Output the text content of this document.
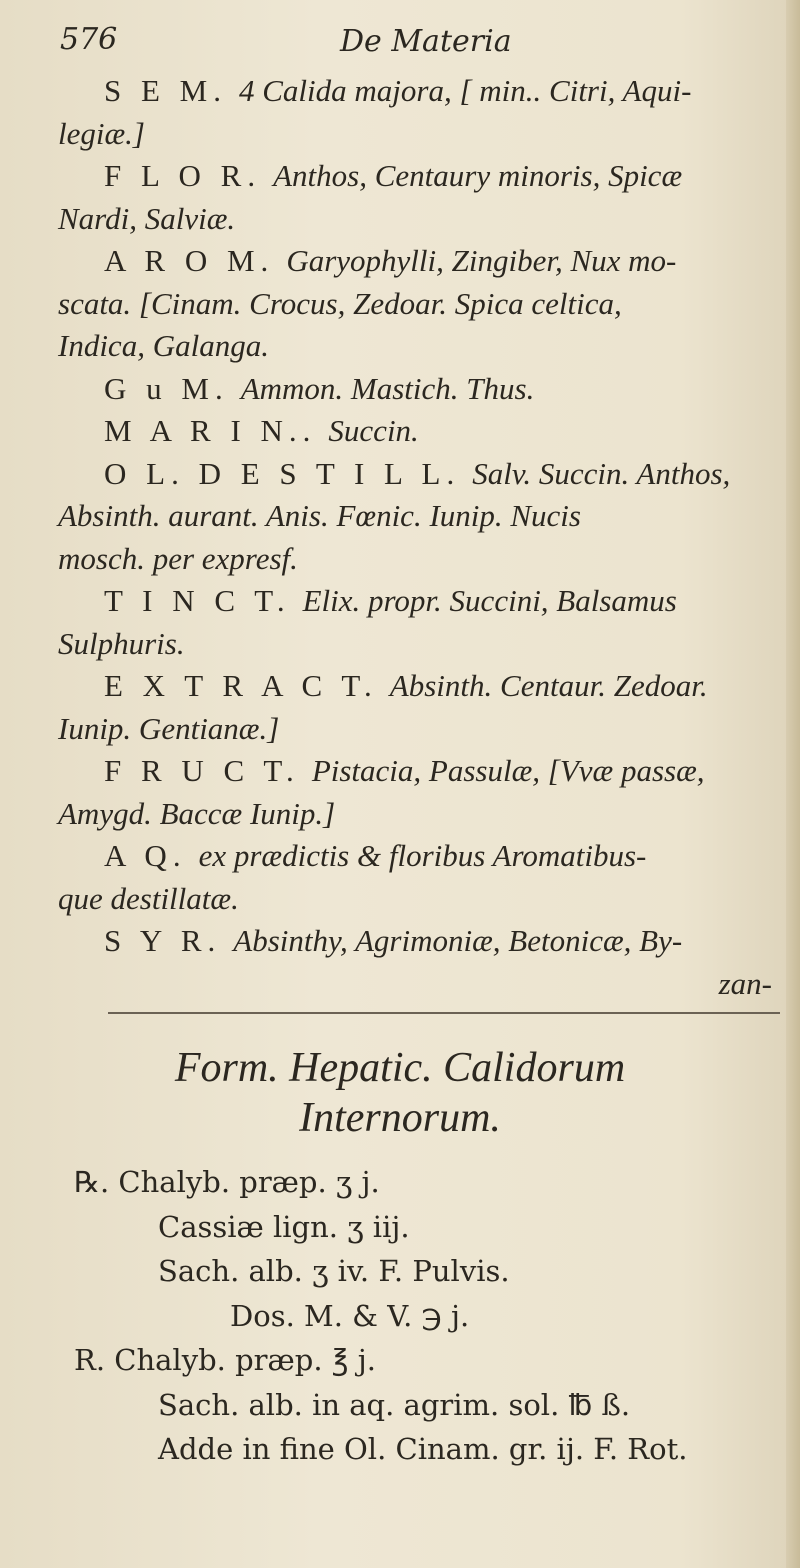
576	De Materia
S E M. 4 Calida majora, [ min.. Citri, Aqui-
legiæ.]
F L O R. Anthos, Centaury minoris, Spicæ
Nardi, Salviæ.
A R O M. Garyophylli, Zingiber, Nux mo-
scata. [Cinam. Crocus, Zedoar. Spica celtica,
Indica, Galanga.
G u M. Ammon. Mastich. Thus.
M A R I N.. Succin.
O L. D E S T I L L. Salv. Succin. Anthos,
Absinth. aurant. Anis. Fœnic. Iunip. Nucis
mosch. per expresf.
T I N C T. Elix. propr. Succini, Balsamus
Sulphuris.
E X T R A C T. Absinth. Centaur. Zedoar.
Iunip. Gentianæ.]
F R U C T. Pistacia, Passulæ, [Vvæ passæ,
Amygd. Baccæ Iunip.]
A Q. ex prædictis & floribus Aromatibus-
que destillatæ.
S Y R. Absinthy, Agrimoniæ, Betonicæ, By-
zan-
Form. Hepatic. Calidorum
Internorum.
℞. Chalyb. præp. ʒ j.
Cassiæ lign. ʒ iij.
Sach. alb. ʒ iv. F. Pulvis.
Dos. M. & V. ℈ j.
R. Chalyb. præp. ℥ j.
Sach. alb. in aq. agrim. sol. ℔ ß.
Adde in fine Ol. Cinam. gr. ij. F. Rot.
